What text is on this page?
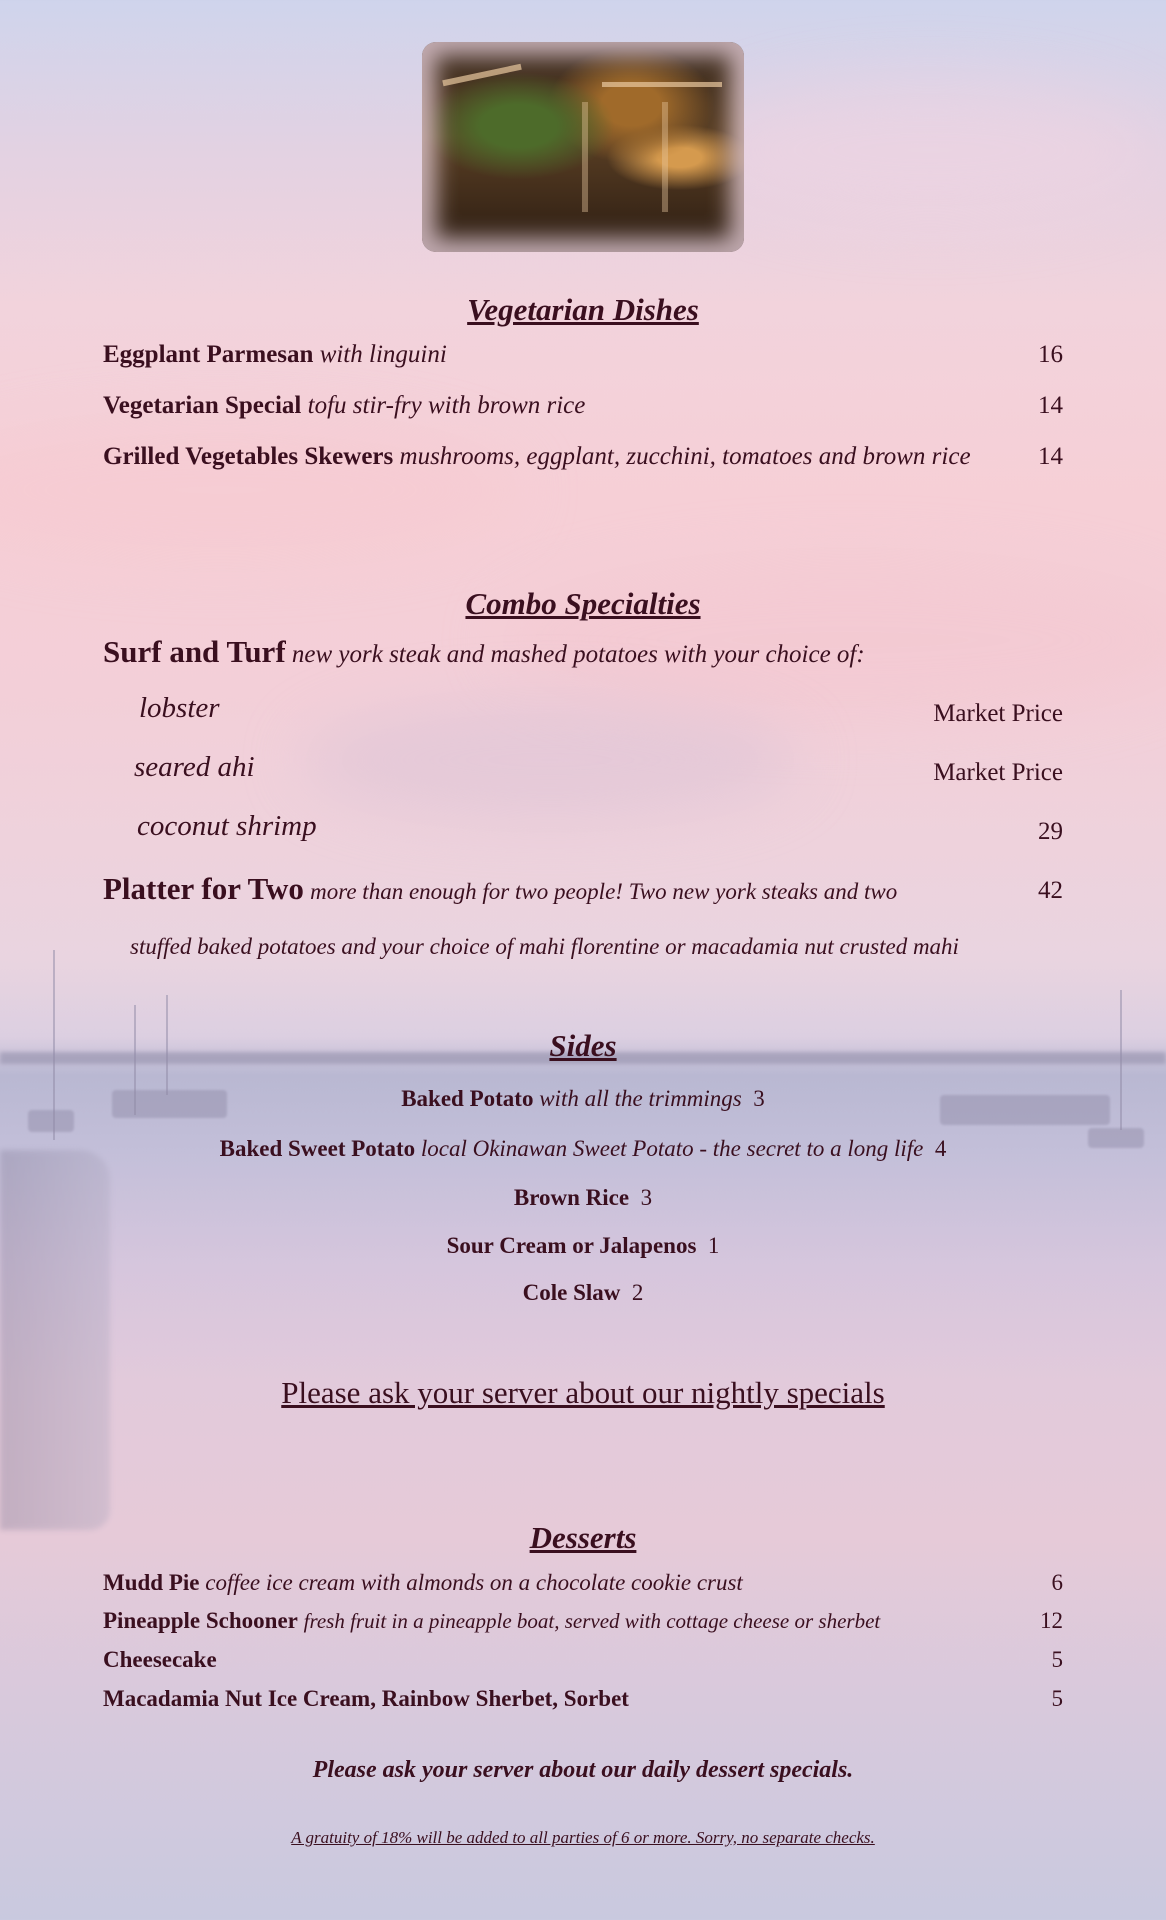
Vegetarian Dishes
Eggplant Parmesan with linguini	16
Vegetarian Special tofu stir-fry with brown rice	14
Grilled Vegetables Skewers mushrooms, eggplant, zucchini, tomatoes and brown rice	14
Combo Specialties
Surf and Turf new york steak and mashed potatoes with your choice of:
lobster	Market Price
seared ahi	Market Price
coconut shrimp	29
Platter for Two more than enough for two people! Two new york steaks and two	42
stuffed baked potatoes and your choice of mahi florentine or macadamia nut crusted mahi
Sides
Baked Potato with all the trimmings 3
Baked Sweet Potato local Okinawan Sweet Potato - the secret to a long life 4
Brown Rice 3
Sour Cream or Jalapenos 1
Cole Slaw 2
Please ask your server about our nightly specials
Desserts
Mudd Pie coffee ice cream with almonds on a chocolate cookie crust	6
Pineapple Schooner fresh fruit in a pineapple boat, served with cottage cheese or sherbet	12
Cheesecake	5
Macadamia Nut Ice Cream, Rainbow Sherbet, Sorbet	5
Please ask your server about our daily dessert specials.
A gratuity of 18% will be added to all parties of 6 or more. Sorry, no separate checks.
